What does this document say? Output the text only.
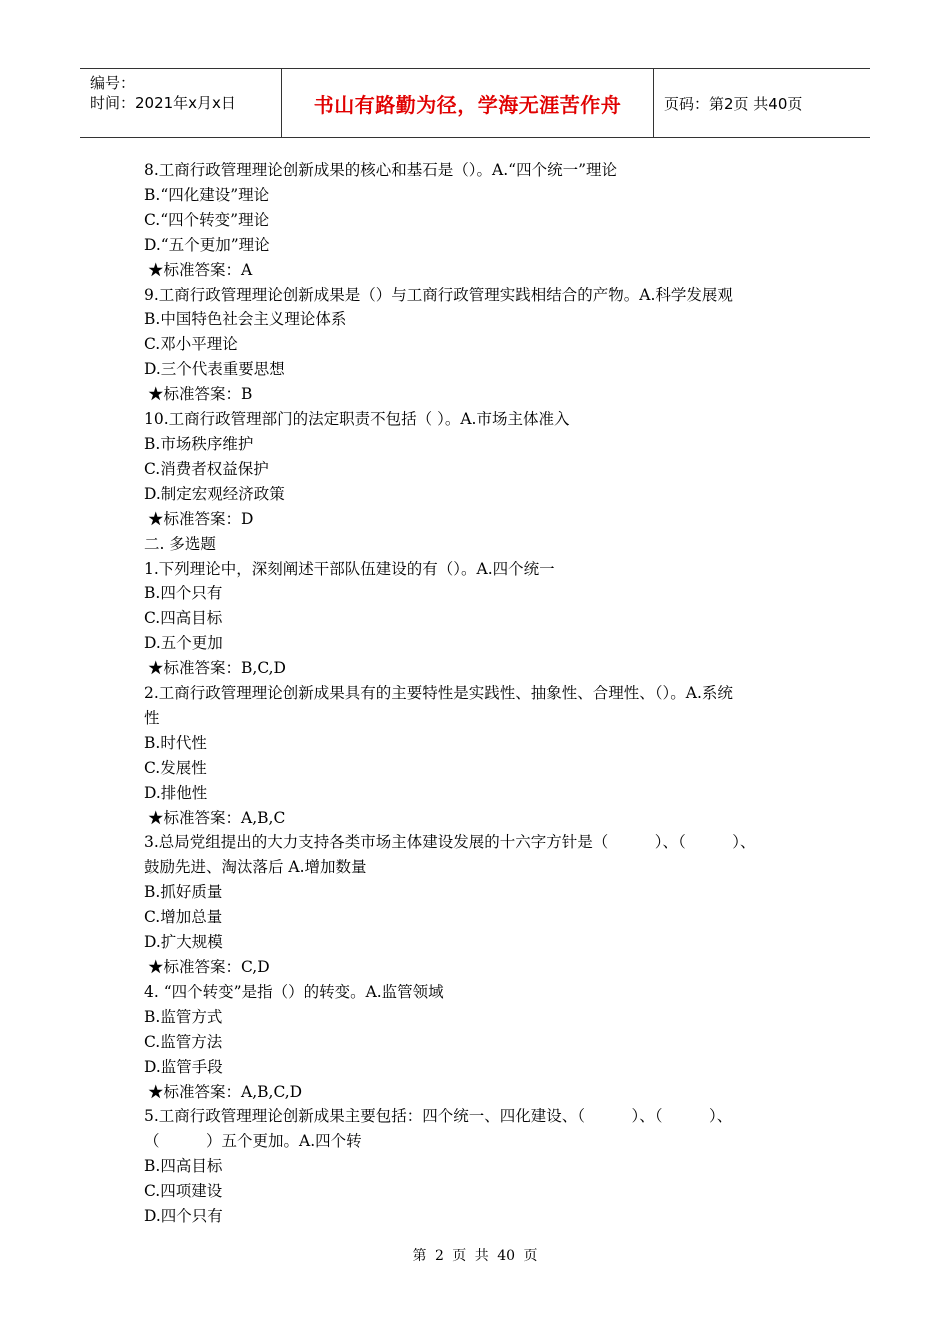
编号：
时间：2021年x月x日	书山有路勤为径，学海无涯苦作舟	页码：第2页 共40页
8.工商行政管理理论创新成果的核心和基石是（）。A.“四个统一”理论
B.“四化建设”理论
C.“四个转变”理论
D.“五个更加”理论
★标准答案：A
9.工商行政管理理论创新成果是（）与工商行政管理实践相结合的产物。A.科学发展观
B.中国特色社会主义理论体系
C.邓小平理论
D.三个代表重要思想
★标准答案：B
10.工商行政管理部门的法定职责不包括（ ）。A.市场主体准入
B.市场秩序维护
C.消费者权益保护
D.制定宏观经济政策
★标准答案：D
二. 多选题
1.下列理论中，深刻阐述干部队伍建设的有（）。A.四个统一
B.四个只有
C.四高目标
D.五个更加
★标准答案：B,C,D
2.工商行政管理理论创新成果具有的主要特性是实践性、抽象性、合理性、（）。A.系统
性
B.时代性
C.发展性
D.排他性
★标准答案：A,B,C
3.总局党组提出的大力支持各类市场主体建设发展的十六字方针是（　　　）、（　　　）、
鼓励先进、淘汰落后 A.增加数量
B.抓好质量
C.增加总量
D.扩大规模
★标准答案：C,D
4. “四个转变”是指（）的转变。A.监管领域
B.监管方式
C.监管方法
D.监管手段
★标准答案：A,B,C,D
5.工商行政管理理论创新成果主要包括：四个统一、四化建设、（　　　）、（　　　）、
（　　　）五个更加。A.四个转
B.四高目标
C.四项建设
D.四个只有
第 2 页 共 40 页
